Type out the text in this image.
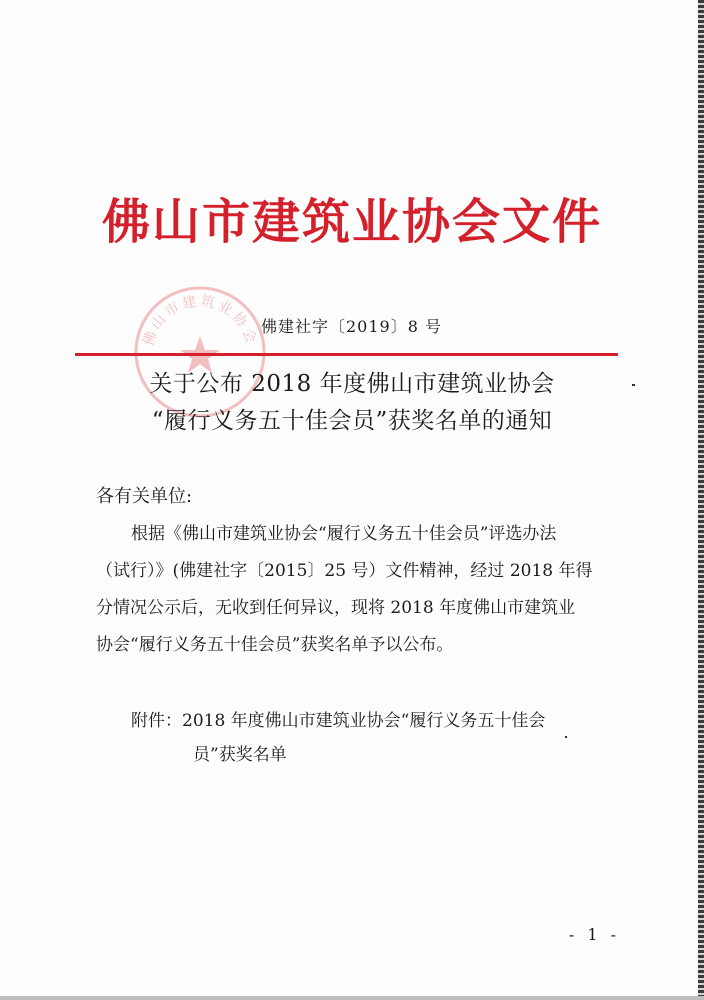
佛山市建筑业协会文件
佛山市建筑业协会
佛建社字〔2019〕8 号
关于公布 2018 年度佛山市建筑业协会
“履行义务五十佳会员”获奖名单的通知
各有关单位:
根据《佛山市建筑业协会“履行义务五十佳会员”评选办法
（试行）》(佛建社字〔2015〕25 号）文件精神，经过 2018 年得
分情况公示后，无收到任何异议，现将 2018 年度佛山市建筑业
协会“履行义务五十佳会员”获奖名单予以公布。
附件：2018 年度佛山市建筑业协会“履行义务五十佳会
员”获奖名单
- 1 -
